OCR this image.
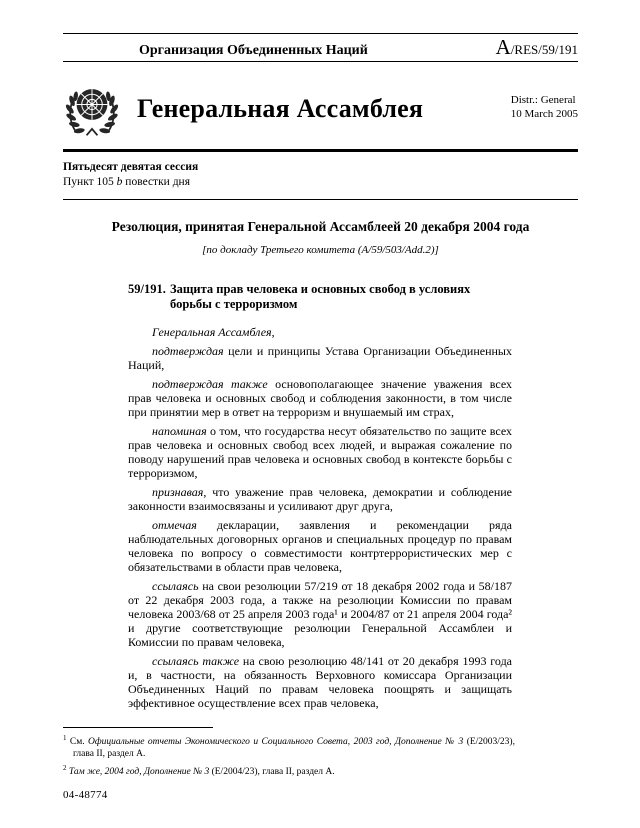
Организация Объединенных Наций	A/RES/59/191
Генеральная Ассамблея	Distr.: General
10 March 2005
Пятьдесят девятая сессия
Пункт 105 b повестки дня
Резолюция, принятая Генеральной Ассамблеей 20 декабря 2004 года
[по докладу Третьего комитета (A/59/503/Add.2)]
59/191. Защита прав человека и основных свобод в условиях борьбы с терроризмом

Генеральная Ассамблея,

подтверждая цели и принципы Устава Организации Объединенных Наций,

подтверждая также основополагающее значение уважения всех прав человека и основных свобод и соблюдения законности, в том числе при принятии мер в ответ на терроризм и внушаемый им страх,

напоминая о том, что государства несут обязательство по защите всех прав человека и основных свобод всех людей, и выражая сожаление по поводу нарушений прав человека и основных свобод в контексте борьбы с терроризмом,

признавая, что уважение прав человека, демократии и соблюдение законности взаимосвязаны и усиливают друг друга,

отмечая декларации, заявления и рекомендации ряда наблюдательных договорных органов и специальных процедур по правам человека по вопросу о совместимости контртеррористических мер с обязательствами в области прав человека,

ссылаясь на свои резолюции 57/219 от 18 декабря 2002 года и 58/187 от 22 декабря 2003 года, а также на резолюции Комиссии по правам человека 2003/68 от 25 апреля 2003 года¹ и 2004/87 от 21 апреля 2004 года² и другие соответствующие резолюции Генеральной Ассамблеи и Комиссии по правам человека,

ссылаясь также на свою резолюцию 48/141 от 20 декабря 1993 года и, в частности, на обязанность Верховного комиссара Организации Объединенных Наций по правам человека поощрять и защищать эффективное осуществление всех прав человека,

$^1$ См. Официальные отчеты Экономического и Социального Совета, 2003 год, Дополнение № 3 (E/2003/23), глава II, раздел A.

$^2$ Там же, 2004 год, Дополнение № 3 (E/2004/23), глава II, раздел A.

04-48774
